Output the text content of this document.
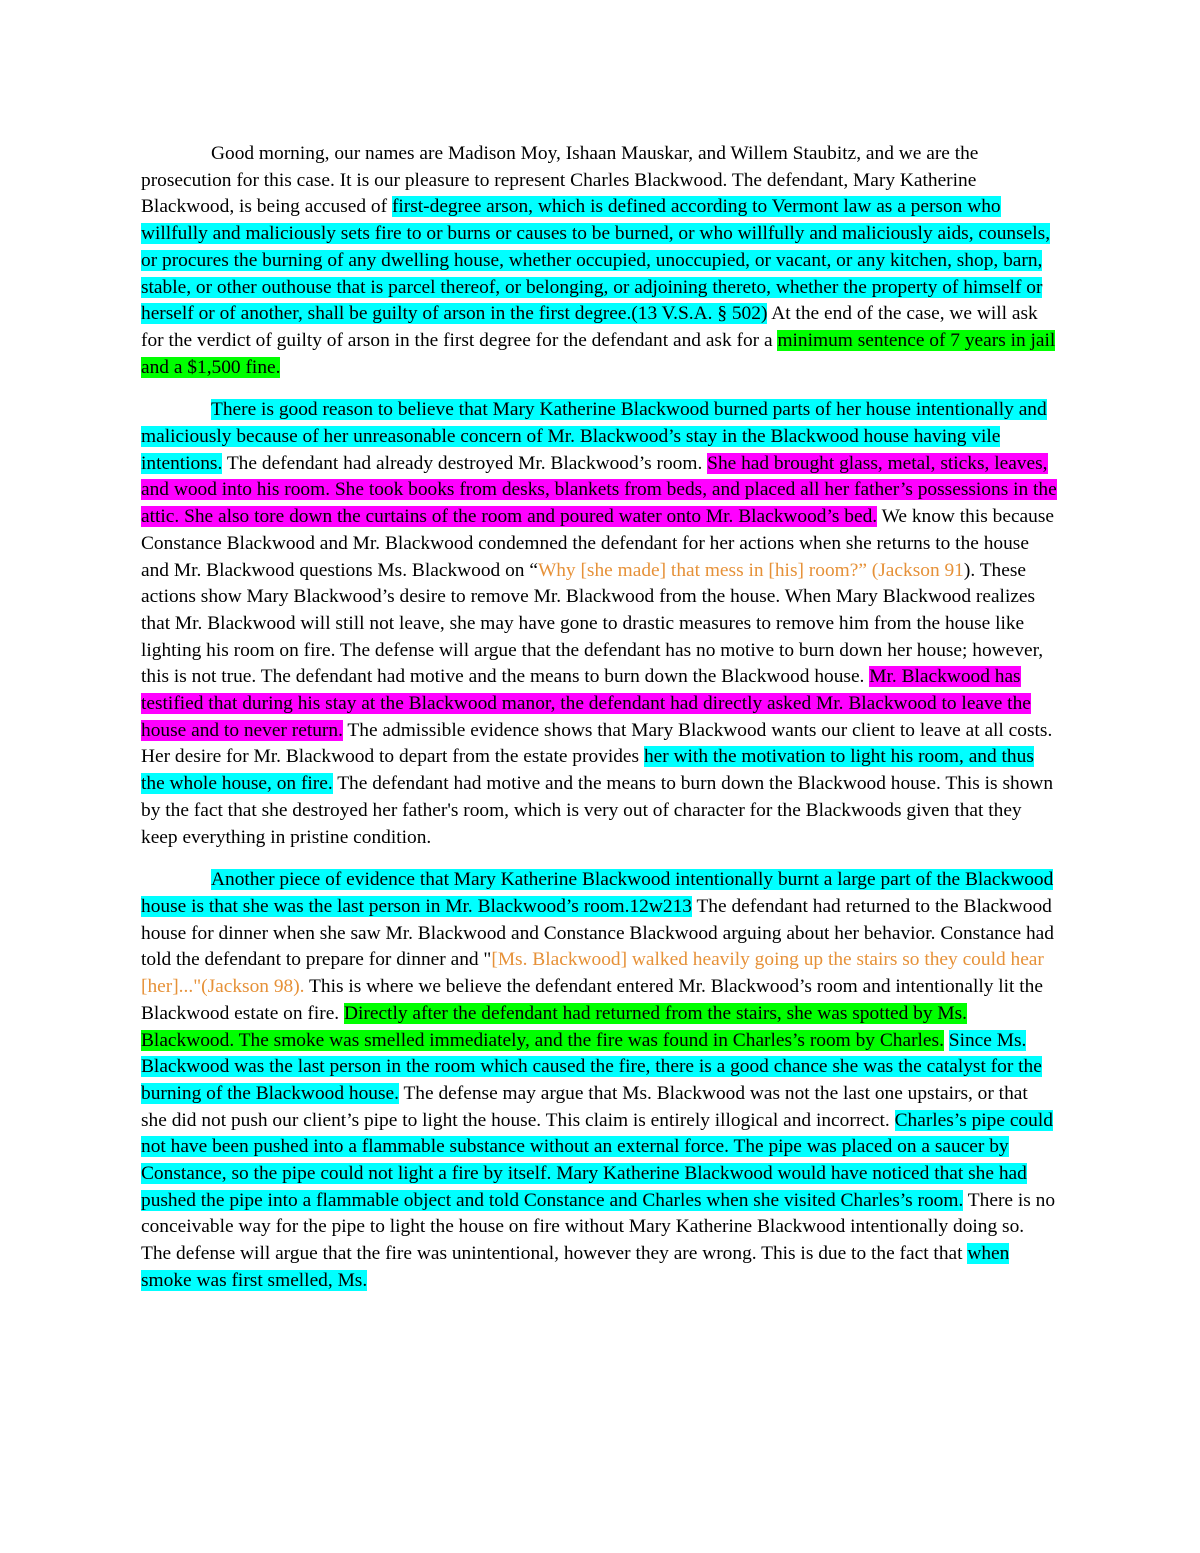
Good morning, our names are Madison Moy, Ishaan Mauskar, and Willem Staubitz, and we are the prosecution for this case. It is our pleasure to represent Charles Blackwood. The defendant, Mary Katherine Blackwood, is being accused of first-degree arson, which is defined according to Vermont law as a person who willfully and maliciously sets fire to or burns or causes to be burned, or who willfully and maliciously aids, counsels, or procures the burning of any dwelling house, whether occupied, unoccupied, or vacant, or any kitchen, shop, barn, stable, or other outhouse that is parcel thereof, or belonging, or adjoining thereto, whether the property of himself or herself or of another, shall be guilty of arson in the first degree.(13 V.S.A. § 502) At the end of the case, we will ask for the verdict of guilty of arson in the first degree for the defendant and ask for a minimum sentence of 7 years in jail and a $1,500 fine.

There is good reason to believe that Mary Katherine Blackwood burned parts of her house intentionally and maliciously because of her unreasonable concern of Mr. Blackwood’s stay in the Blackwood house having vile intentions. The defendant had already destroyed Mr. Blackwood’s room. She had brought glass, metal, sticks, leaves, and wood into his room. She took books from desks, blankets from beds, and placed all her father’s possessions in the attic. She also tore down the curtains of the room and poured water onto Mr. Blackwood’s bed. We know this because Constance Blackwood and Mr. Blackwood condemned the defendant for her actions when she returns to the house and Mr. Blackwood questions Ms. Blackwood on “Why [she made] that mess in [his] room?” (Jackson 91). These actions show Mary Blackwood’s desire to remove Mr. Blackwood from the house. When Mary Blackwood realizes that Mr. Blackwood will still not leave, she may have gone to drastic measures to remove him from the house like lighting his room on fire. The defense will argue that the defendant has no motive to burn down her house; however, this is not true. The defendant had motive and the means to burn down the Blackwood house. Mr. Blackwood has testified that during his stay at the Blackwood manor, the defendant had directly asked Mr. Blackwood to leave the house and to never return. The admissible evidence shows that Mary Blackwood wants our client to leave at all costs. Her desire for Mr. Blackwood to depart from the estate provides her with the motivation to light his room, and thus the whole house, on fire. The defendant had motive and the means to burn down the Blackwood house. This is shown by the fact that she destroyed her father's room, which is very out of character for the Blackwoods given that they keep everything in pristine condition.

Another piece of evidence that Mary Katherine Blackwood intentionally burnt a large part of the Blackwood house is that she was the last person in Mr. Blackwood’s room.12w213 The defendant had returned to the Blackwood house for dinner when she saw Mr. Blackwood and Constance Blackwood arguing about her behavior. Constance had told the defendant to prepare for dinner and "[Ms. Blackwood] walked heavily going up the stairs so they could hear [her]..."(Jackson 98). This is where we believe the defendant entered Mr. Blackwood’s room and intentionally lit the Blackwood estate on fire. Directly after the defendant had returned from the stairs, she was spotted by Ms. Blackwood. The smoke was smelled immediately, and the fire was found in Charles’s room by Charles. Since Ms. Blackwood was the last person in the room which caused the fire, there is a good chance she was the catalyst for the burning of the Blackwood house. The defense may argue that Ms. Blackwood was not the last one upstairs, or that she did not push our client’s pipe to light the house. This claim is entirely illogical and incorrect. Charles’s pipe could not have been pushed into a flammable substance without an external force. The pipe was placed on a saucer by Constance, so the pipe could not light a fire by itself. Mary Katherine Blackwood would have noticed that she had pushed the pipe into a flammable object and told Constance and Charles when she visited Charles’s room. There is no conceivable way for the pipe to light the house on fire without Mary Katherine Blackwood intentionally doing so. The defense will argue that the fire was unintentional, however they are wrong. This is due to the fact that when smoke was first smelled, Ms.
